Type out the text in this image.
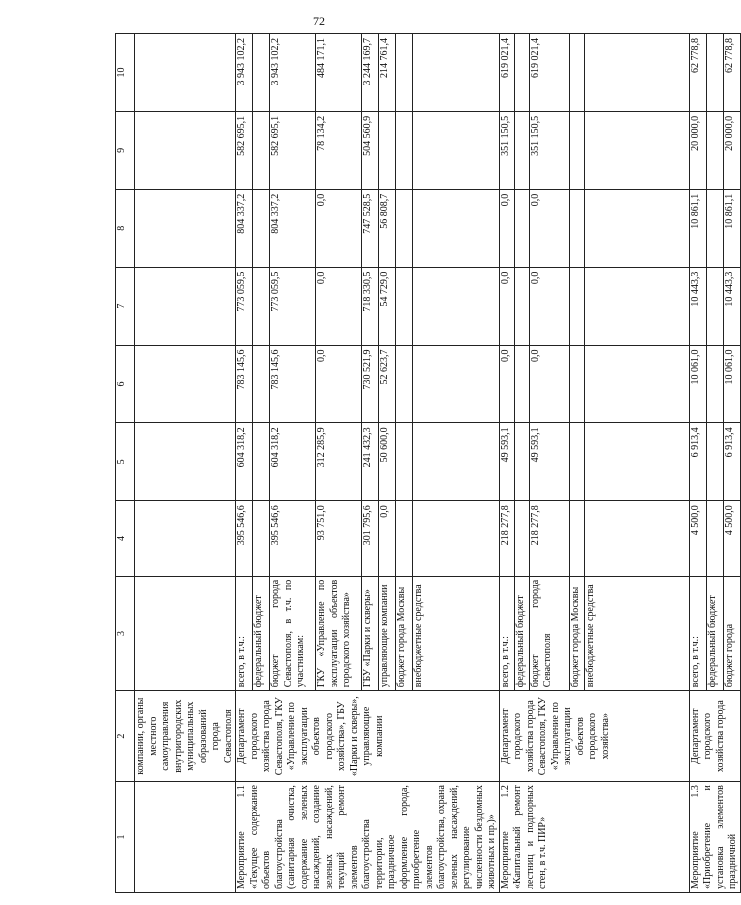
72
1	2	3	4	5	6	7	8	9	10
	компании, органы местного самоуправления внутригородских муниципальных образований города Севастополя								
Мероприятие 1.1 «Текущее содержание объектов благоустройства (санитарная очистка, содержание зеленых насаждений, создание зеленых насаждений, текущий ремонт элементов благоустройства территории, праздничное оформление города, приобретение элементов благоустройства, охрана зеленых насаждений, регулирование численности бездомных животных и пр.)»	Департамент городского хозяйства города Севастополя, ГКУ «Управление по эксплуатации объектов городского хозяйства», ГБУ «Парки и скверы», управляющие компании	всего, в т.ч.:	395 546,6	604 318,2	783 145,6	773 059,5	804 337,2	582 695,1	3 943 102,2
		федеральный бюджет							
		бюджет города Севастополя, в т.ч. по участникам:	395 546,6	604 318,2	783 145,6	773 059,5	804 337,2	582 695,1	3 943 102,2
		ГКУ «Управление по эксплуатации объектов городского хозяйства»	93 751,0	312 285,9	0,0	0,0	0,0	78 134,2	484 171,1
		ГБУ «Парки и скверы»	301 795,6	241 432,3	730 521,9	718 330,5	747 528,5	504 560,9	3 244 169,7
		управляющие компании	0,0	50 600,0	52 623,7	54 729,0	56 808,7		214 761,4
		бюджет города Москвы							
		внебюджетные средства							
Мероприятие 1.2 «Капитальный ремонт лестниц и подпорных стен, в т.ч. ПИР»	Департамент городского хозяйства города Севастополя, ГКУ «Управление по эксплуатации объектов городского хозяйства»	всего, в т.ч.:	218 277,8	49 593,1	0,0	0,0	0,0	351 150,5	619 021,4
		федеральный бюджет							
		бюджет города Севастополя	218 277,8	49 593,1	0,0	0,0	0,0	351 150,5	619 021,4
		бюджет города Москвы							
		внебюджетные средства							
Мероприятие 1.3 «Приобретение и установка элементов праздничной	Департамент городского хозяйства города	всего, в т.ч.:	4 500,0	6 913,4	10 061,0	10 443,3	10 861,1	20 000,0	62 778,8
		федеральный бюджет							
		бюджет города	4 500,0	6 913,4	10 061,0	10 443,3	10 861,1	20 000,0	62 778,8
